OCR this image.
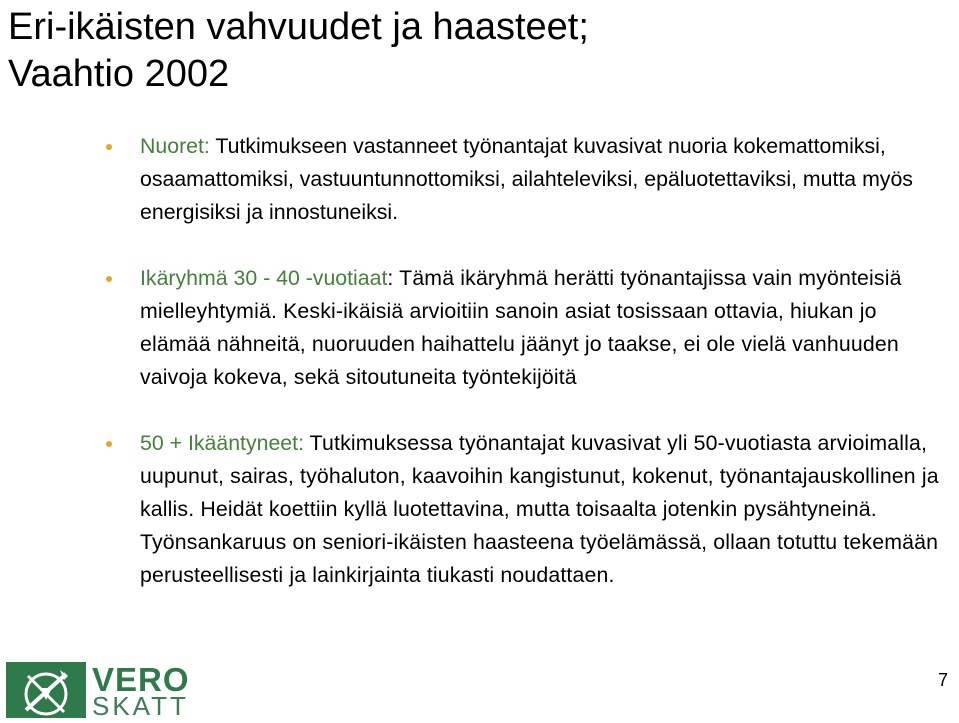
Eri-ikäisten vahvuudet ja haasteet;
Vaahtio 2002
Nuoret: Tutkimukseen vastanneet työnantajat kuvasivat nuoria kokemattomiksi, osaamattomiksi, vastuuntunnottomiksi, ailahteleviksi, epäluotettaviksi, mutta myös energisiksi ja innostuneiksi.
Ikäryhmä 30 - 40 -vuotiaat: Tämä ikäryhmä herätti työnantajissa vain myönteisiä mielleyhtymiä. Keski-ikäisiä arvioitiin sanoin asiat tosissaan ottavia, hiukan jo elämää nähneitä, nuoruuden haihattelu jäänyt jo taakse, ei ole vielä vanhuuden vaivoja kokeva, sekä sitoutuneita työntekijöitä
50 + Ikääntyneet: Tutkimuksessa työnantajat kuvasivat yli 50-vuotiasta arvioimalla, uupunut, sairas, työhaluton, kaavoihin kangistunut, kokenut, työnantajauskollinen ja kallis. Heidät koettiin kyllä luotettavina, mutta toisaalta jotenkin pysähtyneinä. Työnsankaruus on seniori-ikäisten haasteena työelämässä, ollaan totuttu tekemään perusteellisesti ja lainkirjainta tiukasti noudattaen.
VERO
SKATT
7
